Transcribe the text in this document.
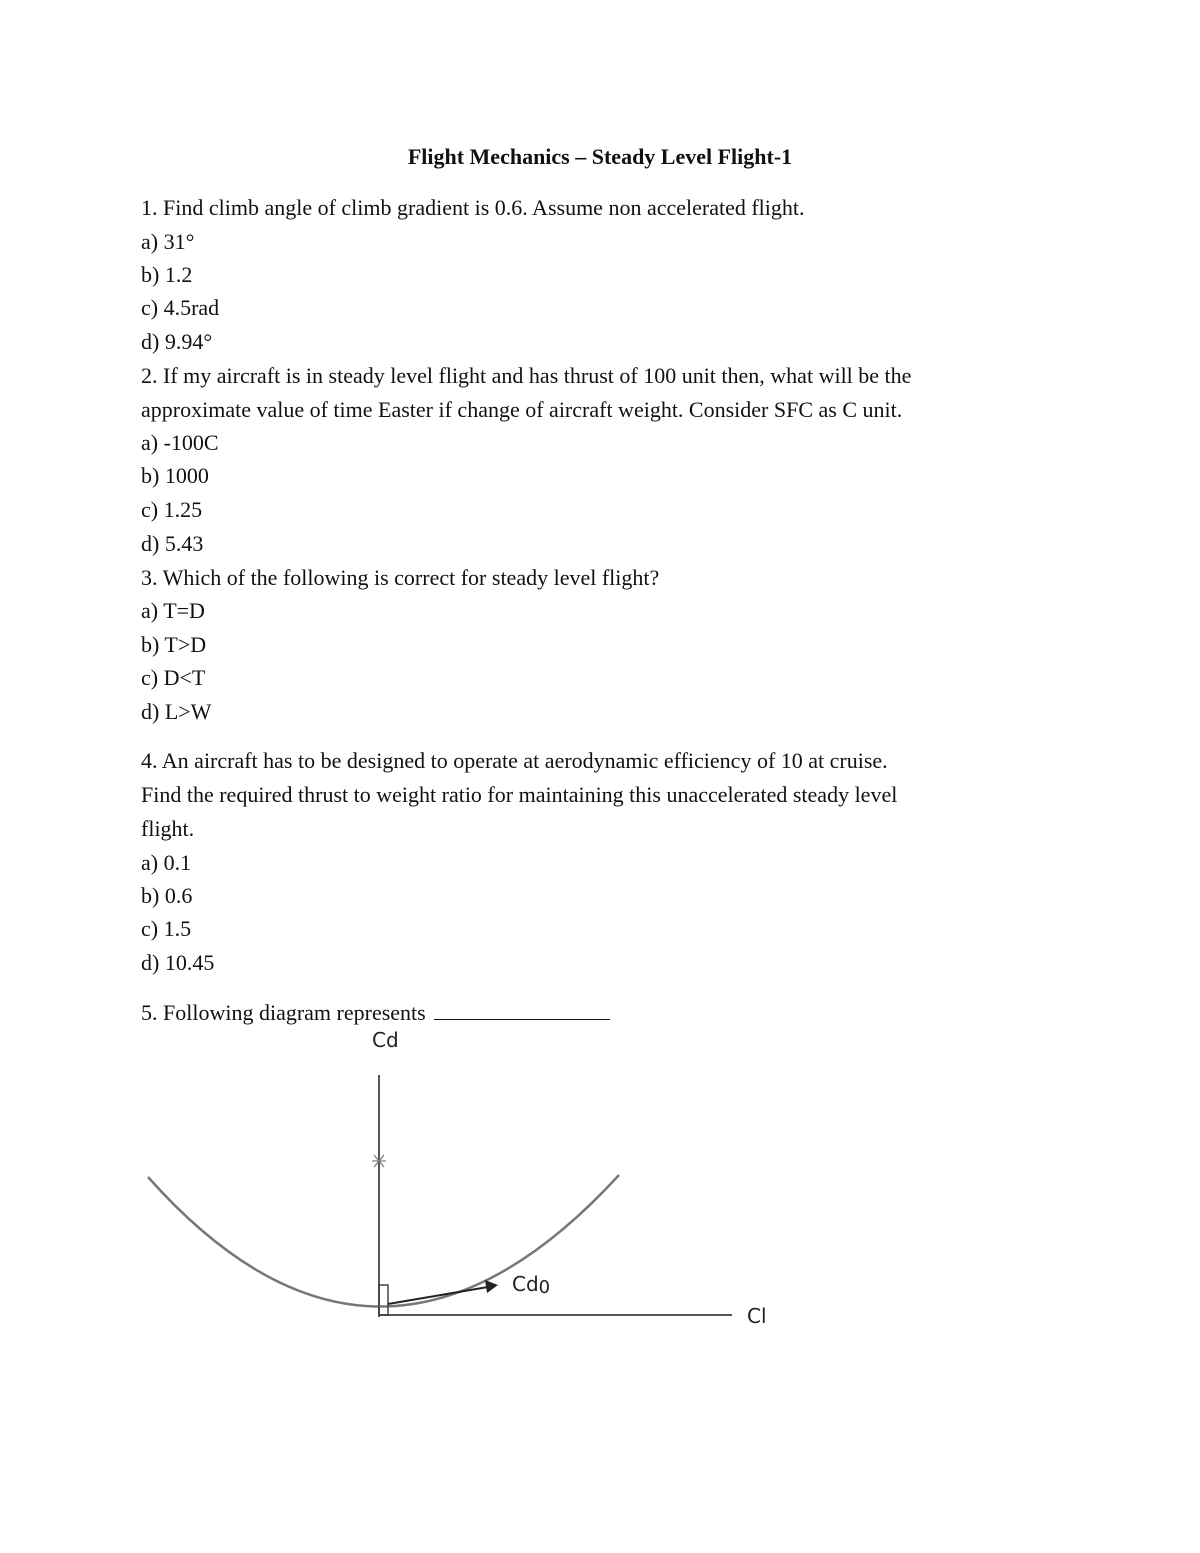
Flight Mechanics – Steady Level Flight-1
1. Find climb angle of climb gradient is 0.6. Assume non accelerated flight.
a) 31°
b) 1.2
c) 4.5rad
d) 9.94°
2. If my aircraft is in steady level flight and has thrust of 100 unit then, what will be the
approximate value of time Easter if change of aircraft weight. Consider SFC as C unit.
a) -100C
b) 1000
c) 1.25
d) 5.43
3. Which of the following is correct for steady level flight?
a) T=D
b) T>D
c) D<T
d) L>W
4. An aircraft has to be designed to operate at aerodynamic efficiency of 10 at cruise.
Find the required thrust to weight ratio for maintaining this unaccelerated steady level
flight.
a) 0.1
b) 0.6
c) 1.5
d) 10.45
5. Following diagram represents
Cd
Cd0
Cl
